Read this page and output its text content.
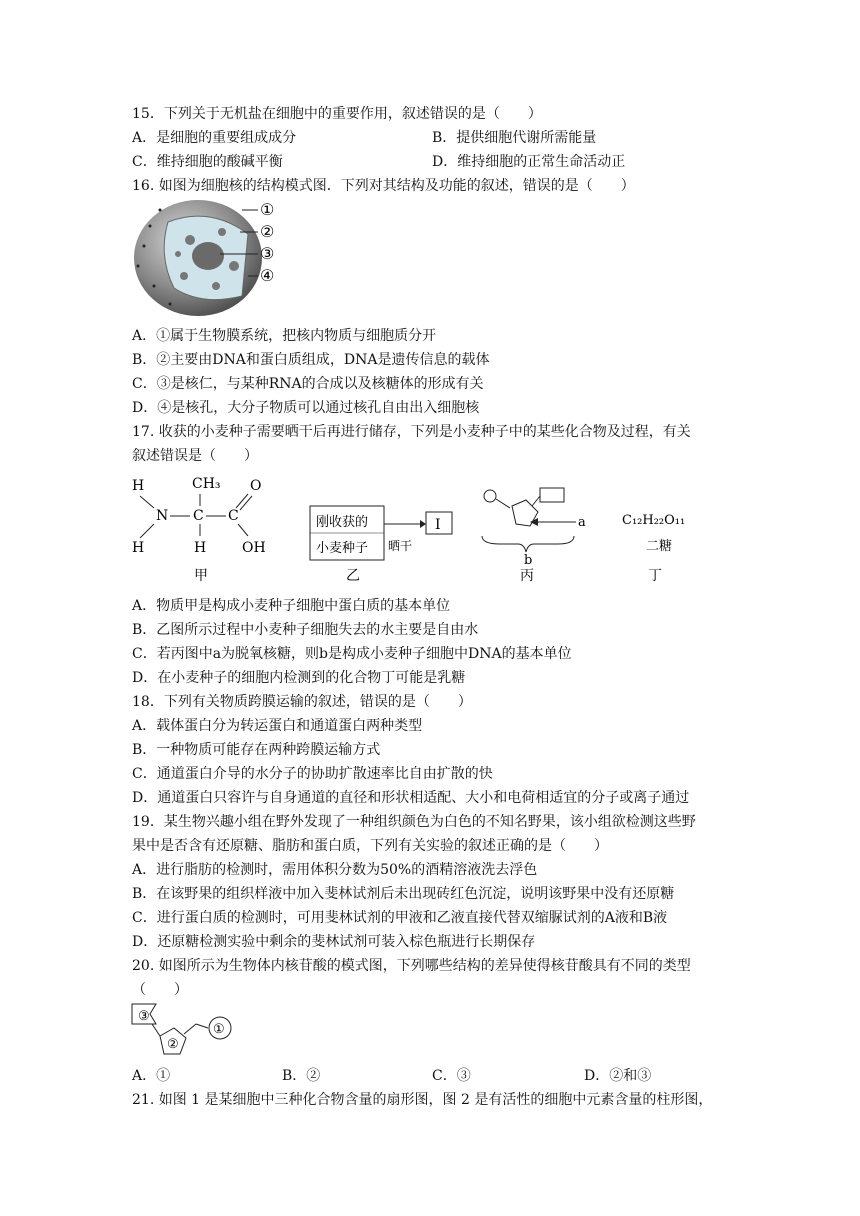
15．下列关于无机盐在细胞中的重要作用，叙述错误的是（　　）
A．是细胞的重要组成成分	B．提供细胞代谢所需能量
C．维持细胞的酸碱平衡	D．维持细胞的正常生命活动正
16. 如图为细胞核的结构模式图．下列对其结构及功能的叙述，错误的是（　　）
①
②
③
④
A．①属于生物膜系统，把核内物质与细胞质分开
B．②主要由DNA和蛋白质组成，DNA是遗传信息的载体
C．③是核仁，与某种RNA的合成以及核糖体的形成有关
D．④是核孔，大分子物质可以通过核孔自由出入细胞核
17. 收获的小麦种子需要晒干后再进行储存，下列是小麦种子中的某些化合物及过程，有关
叙述错误是（　　）
CH₃
H
N
H
C
H
C
O
OH
甲
刚收获的
小麦种子 晒干
I
乙
a
b
丙
C₁₂H₂₂O₁₁
二糖
丁
A．物质甲是构成小麦种子细胞中蛋白质的基本单位
B．乙图所示过程中小麦种子细胞失去的水主要是自由水
C．若丙图中a为脱氧核糖，则b是构成小麦种子细胞中DNA的基本单位
D．在小麦种子的细胞内检测到的化合物丁可能是乳糖
18．下列有关物质跨膜运输的叙述，错误的是（　　）
A．载体蛋白分为转运蛋白和通道蛋白两种类型
B．一种物质可能存在两种跨膜运输方式
C．通道蛋白介导的水分子的协助扩散速率比自由扩散的快
D．通道蛋白只容许与自身通道的直径和形状相适配、大小和电荷相适宜的分子或离子通过
19．某生物兴趣小组在野外发现了一种组织颜色为白色的不知名野果，该小组欲检测这些野
果中是否含有还原糖、脂肪和蛋白质，下列有关实验的叙述正确的是（　　）
A．进行脂肪的检测时，需用体积分数为50%的酒精溶液洗去浮色
B．在该野果的组织样液中加入斐林试剂后未出现砖红色沉淀，说明该野果中没有还原糖
C．进行蛋白质的检测时，可用斐林试剂的甲液和乙液直接代替双缩脲试剂的A液和B液
D．还原糖检测实验中剩余的斐林试剂可装入棕色瓶进行长期保存
20. 如图所示为生物体内核苷酸的模式图，下列哪些结构的差异使得核苷酸具有不同的类型
（　　）
③
②
①
A．①	B．②	C．③	D．②和③
21. 如图 1 是某细胞中三种化合物含量的扇形图，图 2 是有活性的细胞中元素含量的柱形图，
